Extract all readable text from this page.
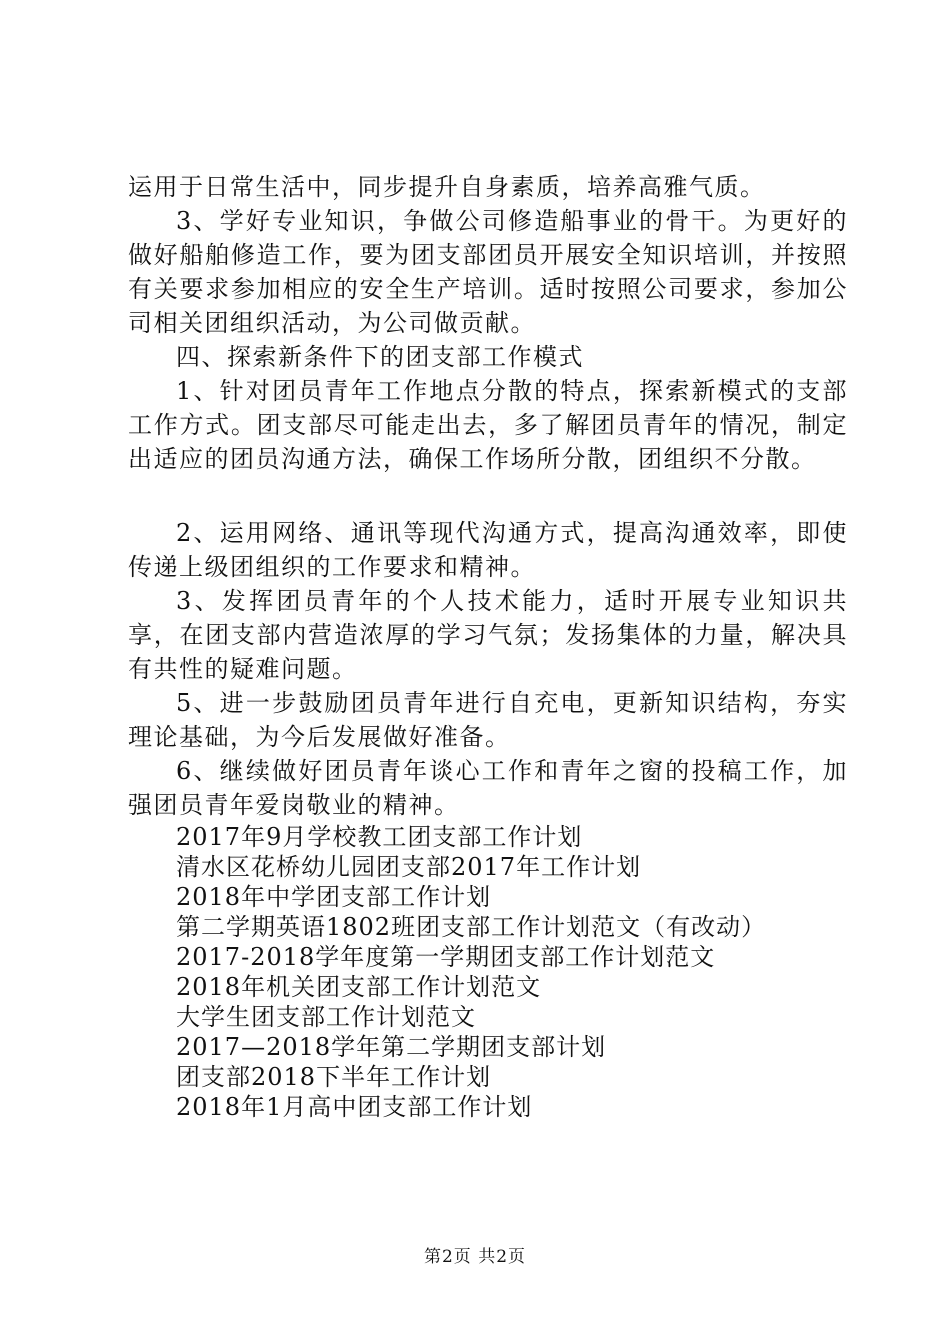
运用于日常生活中，同步提升自身素质，培养高雅气质。

3、学好专业知识，争做公司修造船事业的骨干。为更好的做好船舶修造工作，要为团支部团员开展安全知识培训，并按照有关要求参加相应的安全生产培训。适时按照公司要求，参加公司相关团组织活动，为公司做贡献。

四、探索新条件下的团支部工作模式

1、针对团员青年工作地点分散的特点，探索新模式的支部工作方式。团支部尽可能走出去，多了解团员青年的情况，制定出适应的团员沟通方法，确保工作场所分散，团组织不分散。

2、运用网络、通讯等现代沟通方式，提高沟通效率，即使传递上级团组织的工作要求和精神。

3、发挥团员青年的个人技术能力，适时开展专业知识共享，在团支部内营造浓厚的学习气氛；发扬集体的力量，解决具有共性的疑难问题。

5、进一步鼓励团员青年进行自充电，更新知识结构，夯实理论基础，为今后发展做好准备。

6、继续做好团员青年谈心工作和青年之窗的投稿工作，加强团员青年爱岗敬业的精神。

2017年9月学校教工团支部工作计划
清水区花桥幼儿园团支部2017年工作计划
2018年中学团支部工作计划
第二学期英语1802班团支部工作计划范文（有改动）
2017-2018学年度第一学期团支部工作计划范文
2018年机关团支部工作计划范文
大学生团支部工作计划范文
2017—2018学年第二学期团支部计划
团支部2018下半年工作计划
2018年1月高中团支部工作计划
第2页 共2页
